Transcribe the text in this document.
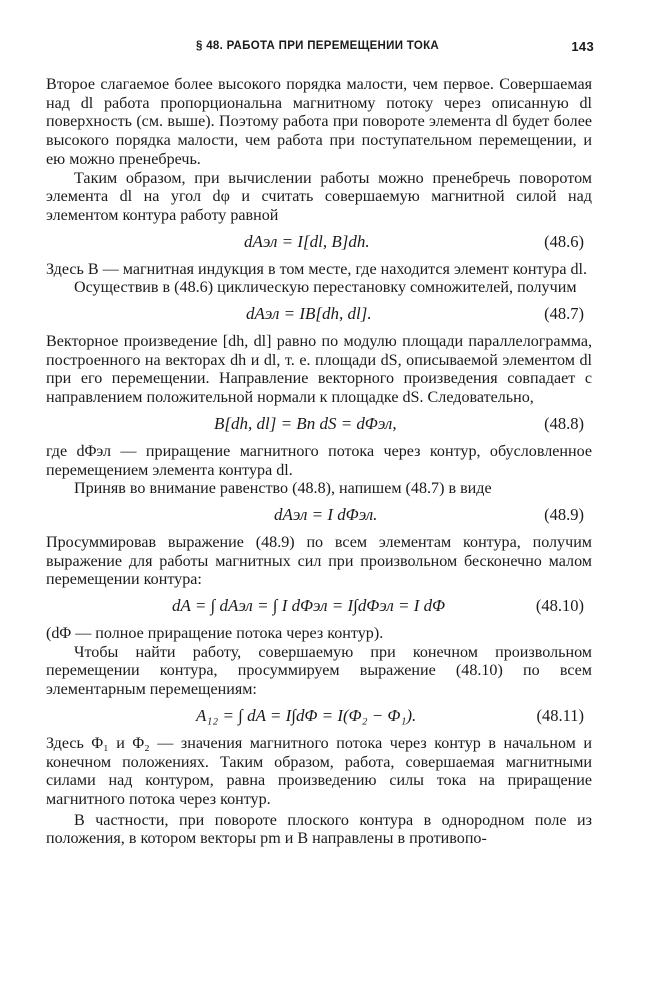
§ 48. РАБОТА ПРИ ПЕРЕМЕЩЕНИИ ТОКА	143

Второе слагаемое более высокого порядка малости, чем первое. Совершаемая над dl работа пропорциональна магнитному потоку через описанную dl поверхность (см. выше). Поэтому работа при повороте элемента dl будет более высокого порядка малости, чем работа при поступательном перемещении, и ею можно пренебречь.

Таким образом, при вычислении работы можно пренебречь поворотом элемента dl на угол dφ и считать совершаемую магнитной силой над элементом контура работу равной

dAэл = I[dl, B]dh.	(48.6)

Здесь B — магнитная индукция в том месте, где находится элемент контура dl.

Осуществив в (48.6) циклическую перестановку сомножителей, получим

dAэл = IB[dh, dl].	(48.7)

Векторное произведение [dh, dl] равно по модулю площади параллелограмма, построенного на векторах dh и dl, т. е. площади dS, описываемой элементом dl при его перемещении. Направление векторного произведения совпадает с направлением положительной нормали к площадке dS. Следовательно,

B[dh, dl] = Bn dS = dΦэл,	(48.8)

где dΦэл — приращение магнитного потока через контур, обусловленное перемещением элемента контура dl.

Приняв во внимание равенство (48.8), напишем (48.7) в виде

dAэл = I dΦэл.	(48.9)

Просуммировав выражение (48.9) по всем элементам контура, получим выражение для работы магнитных сил при произвольном бесконечно малом перемещении контура:

dA = ∫ dAэл = ∫ I dΦэл = I∫dΦэл = I dΦ	(48.10)

(dΦ — полное приращение потока через контур).

Чтобы найти работу, совершаемую при конечном произвольном перемещении контура, просуммируем выражение (48.10) по всем элементарным перемещениям:

A₁₂ = ∫ dA = I∫dΦ = I(Φ₂ − Φ₁).	(48.11)

Здесь Φ₁ и Φ₂ — значения магнитного потока через контур в начальном и конечном положениях. Таким образом, работа, совершаемая магнитными силами над контуром, равна произведению силы тока на приращение магнитного потока через контур.

В частности, при повороте плоского контура в однородном поле из положения, в котором векторы pm и B направлены в противопо-
